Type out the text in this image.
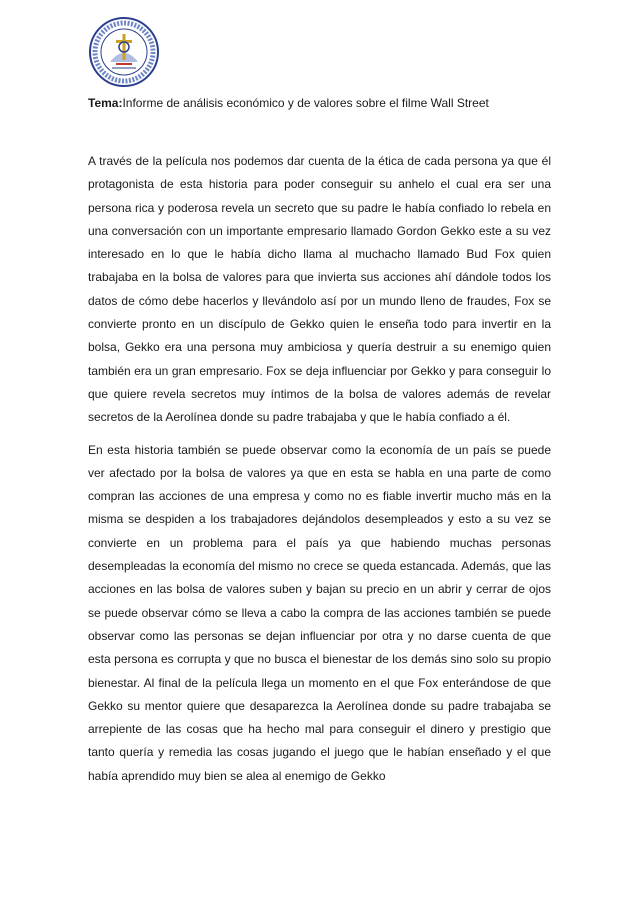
Tema:Informe de análisis económico y de valores sobre el filme Wall Street

A través de la película nos podemos dar cuenta de la ética de cada persona ya que él protagonista de esta historia para poder conseguir su anhelo el cual era ser una persona rica y poderosa revela un secreto que su padre le había confiado lo rebela en una conversación con un importante empresario llamado Gordon Gekko este a su vez interesado en lo que le había dicho llama al muchacho llamado Bud Fox quien trabajaba en la bolsa de valores para que invierta sus acciones ahí dándole todos los datos de cómo debe hacerlos y llevándolo así por un mundo lleno de fraudes, Fox se convierte pronto en un discípulo de Gekko quien le enseña todo para invertir en la bolsa, Gekko era una persona muy ambiciosa y quería destruir a su enemigo quien también era un gran empresario. Fox se deja influenciar por Gekko y para conseguir lo que quiere revela secretos muy íntimos de la bolsa de valores además de revelar secretos de la Aerolínea donde su padre trabajaba y que le había confiado a él.

En esta historia también se puede observar como la economía de un país se puede ver afectado por la bolsa de valores ya que en esta se habla en una parte de como compran las acciones de una empresa y como no es fiable invertir mucho más en la misma se despiden a los trabajadores dejándolos desempleados y esto a su vez se convierte en un problema para el país ya que habiendo muchas personas desempleadas la economía del mismo no crece se queda estancada. Además, que las acciones en las bolsa de valores suben y bajan su precio en un abrir y cerrar de ojos se puede observar cómo se lleva a cabo la compra de las acciones también se puede observar como las personas se dejan influenciar por otra y no darse cuenta de que esta persona es corrupta y que no busca el bienestar de los demás sino solo su propio bienestar. Al final de la película llega un momento en el que Fox enterándose de que Gekko su mentor quiere que desaparezca la Aerolínea donde su padre trabajaba se arrepiente de las cosas que ha hecho mal para conseguir el dinero y prestigio que tanto quería y remedia las cosas jugando el juego que le habían enseñado y el que había aprendido muy bien se alea al enemigo de Gekko
